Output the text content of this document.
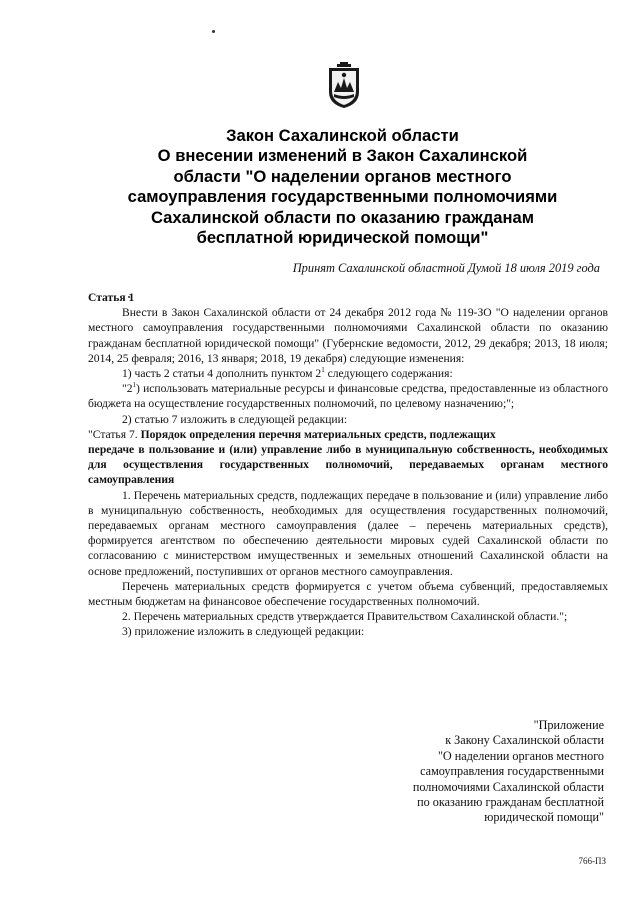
Закон Сахалинской области
О внесении изменений в Закон Сахалинской
области "О наделении органов местного
самоуправления государственными полномочиями
Сахалинской области по оказанию гражданам
бесплатной юридической помощи"
Принят Сахалинской областной Думой 18 июля 2019 года

Статья 1

Внести в Закон Сахалинской области от 24 декабря 2012 года № 119-ЗО "О наделении органов местного самоуправления государственными полномочиями Сахалинской области по оказанию гражданам бесплатной юридической помощи" (Губернские ведомости, 2012, 29 декабря; 2013, 18 июля; 2014, 25 февраля; 2016, 13 января; 2018, 19 декабря) следующие изменения:

1) часть 2 статьи 4 дополнить пунктом $2^1$ следующего содержания:

"$2^1$) использовать материальные ресурсы и финансовые средства, предоставленные из областного бюджета на осуществление государственных полномочий, по целевому назначению;";

2) статью 7 изложить в следующей редакции:

"Статья 7. Порядок определения перечня материальных средств, подлежащих

передаче в пользование и (или) управление либо в муниципальную собственность, необходимых для осуществления государственных полномочий, передаваемых органам местного самоуправления

1. Перечень материальных средств, подлежащих передаче в пользование и (или) управление либо в муниципальную собственность, необходимых для осуществления государственных полномочий, передаваемых органам местного самоуправления (далее – перечень материальных средств), формируется агентством по обеспечению деятельности мировых судей Сахалинской области по согласованию с министерством имущественных и земельных отношений Сахалинской области на основе предложений, поступивших от органов местного самоуправления.

Перечень материальных средств формируется с учетом объема субвенций, предоставляемых местным бюджетам на финансовое обеспечение государственных полномочий.

2. Перечень материальных средств утверждается Правительством Сахалинской области.";

3) приложение изложить в следующей редакции:

"Приложение
к Закону Сахалинской области
"О наделении органов местного
самоуправления государственными
полномочиями Сахалинской области
по оказанию гражданам бесплатной
юридической помощи"
766-ПЗ
